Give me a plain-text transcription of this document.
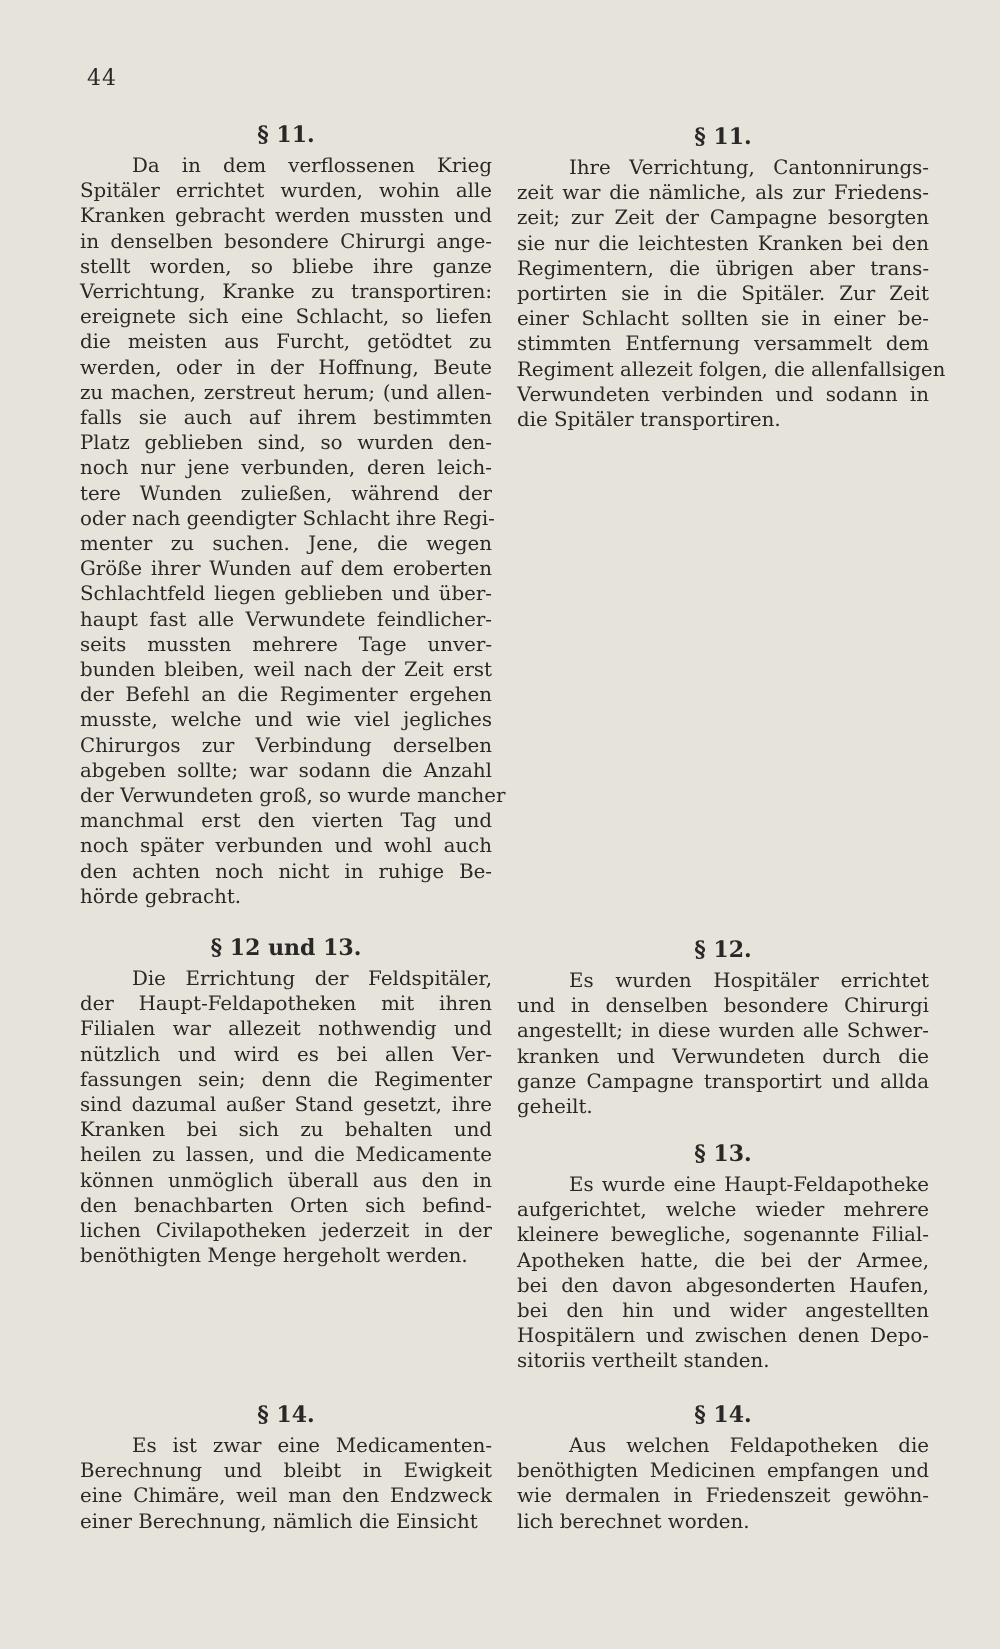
44
§ 11.
Da in dem verflossenen Krieg
Spitäler errichtet wurden, wohin alle
Kranken gebracht werden mussten und
in denselben besondere Chirurgi ange-
stellt worden, so bliebe ihre ganze
Verrichtung, Kranke zu transportiren:
ereignete sich eine Schlacht, so liefen
die meisten aus Furcht, getödtet zu
werden, oder in der Hoffnung, Beute
zu machen, zerstreut herum; (und allen-
falls sie auch auf ihrem bestimmten
Platz geblieben sind, so wurden den-
noch nur jene verbunden, deren leich-
tere Wunden zuließen, während der
oder nach geendigter Schlacht ihre Regi-
menter zu suchen. Jene, die wegen
Größe ihrer Wunden auf dem eroberten
Schlachtfeld liegen geblieben und über-
haupt fast alle Verwundete feindlicher-
seits mussten mehrere Tage unver-
bunden bleiben, weil nach der Zeit erst
der Befehl an die Regimenter ergehen
musste, welche und wie viel jegliches
Chirurgos zur Verbindung derselben
abgeben sollte; war sodann die Anzahl
der Verwundeten groß, so wurde mancher
manchmal erst den vierten Tag und
noch später verbunden und wohl auch
den achten noch nicht in ruhige Be-
hörde gebracht.
§ 12 und 13.
Die Errichtung der Feldspitäler,
der Haupt-Feldapotheken mit ihren
Filialen war allezeit nothwendig und
nützlich und wird es bei allen Ver-
fassungen sein; denn die Regimenter
sind dazumal außer Stand gesetzt, ihre
Kranken bei sich zu behalten und
heilen zu lassen, und die Medicamente
können unmöglich überall aus den in
den benachbarten Orten sich befind-
lichen Civilapotheken jederzeit in der
benöthigten Menge hergeholt werden.
§ 14.
Es ist zwar eine Medicamenten-
Berechnung und bleibt in Ewigkeit
eine Chimäre, weil man den Endzweck
einer Berechnung, nämlich die Einsicht
§ 11.
Ihre Verrichtung, Cantonnirungs-
zeit war die nämliche, als zur Friedens-
zeit; zur Zeit der Campagne besorgten
sie nur die leichtesten Kranken bei den
Regimentern, die übrigen aber trans-
portirten sie in die Spitäler. Zur Zeit
einer Schlacht sollten sie in einer be-
stimmten Entfernung versammelt dem
Regiment allezeit folgen, die allenfallsigen
Verwundeten verbinden und sodann in
die Spitäler transportiren.
§ 12.
Es wurden Hospitäler errichtet
und in denselben besondere Chirurgi
angestellt; in diese wurden alle Schwer-
kranken und Verwundeten durch die
ganze Campagne transportirt und allda
geheilt.
§ 13.
Es wurde eine Haupt-Feldapotheke
aufgerichtet, welche wieder mehrere
kleinere bewegliche, sogenannte Filial-
Apotheken hatte, die bei der Armee,
bei den davon abgesonderten Haufen,
bei den hin und wider angestellten
Hospitälern und zwischen denen Depo-
sitoriis vertheilt standen.
§ 14.
Aus welchen Feldapotheken die
benöthigten Medicinen empfangen und
wie dermalen in Friedenszeit gewöhn-
lich berechnet worden.
